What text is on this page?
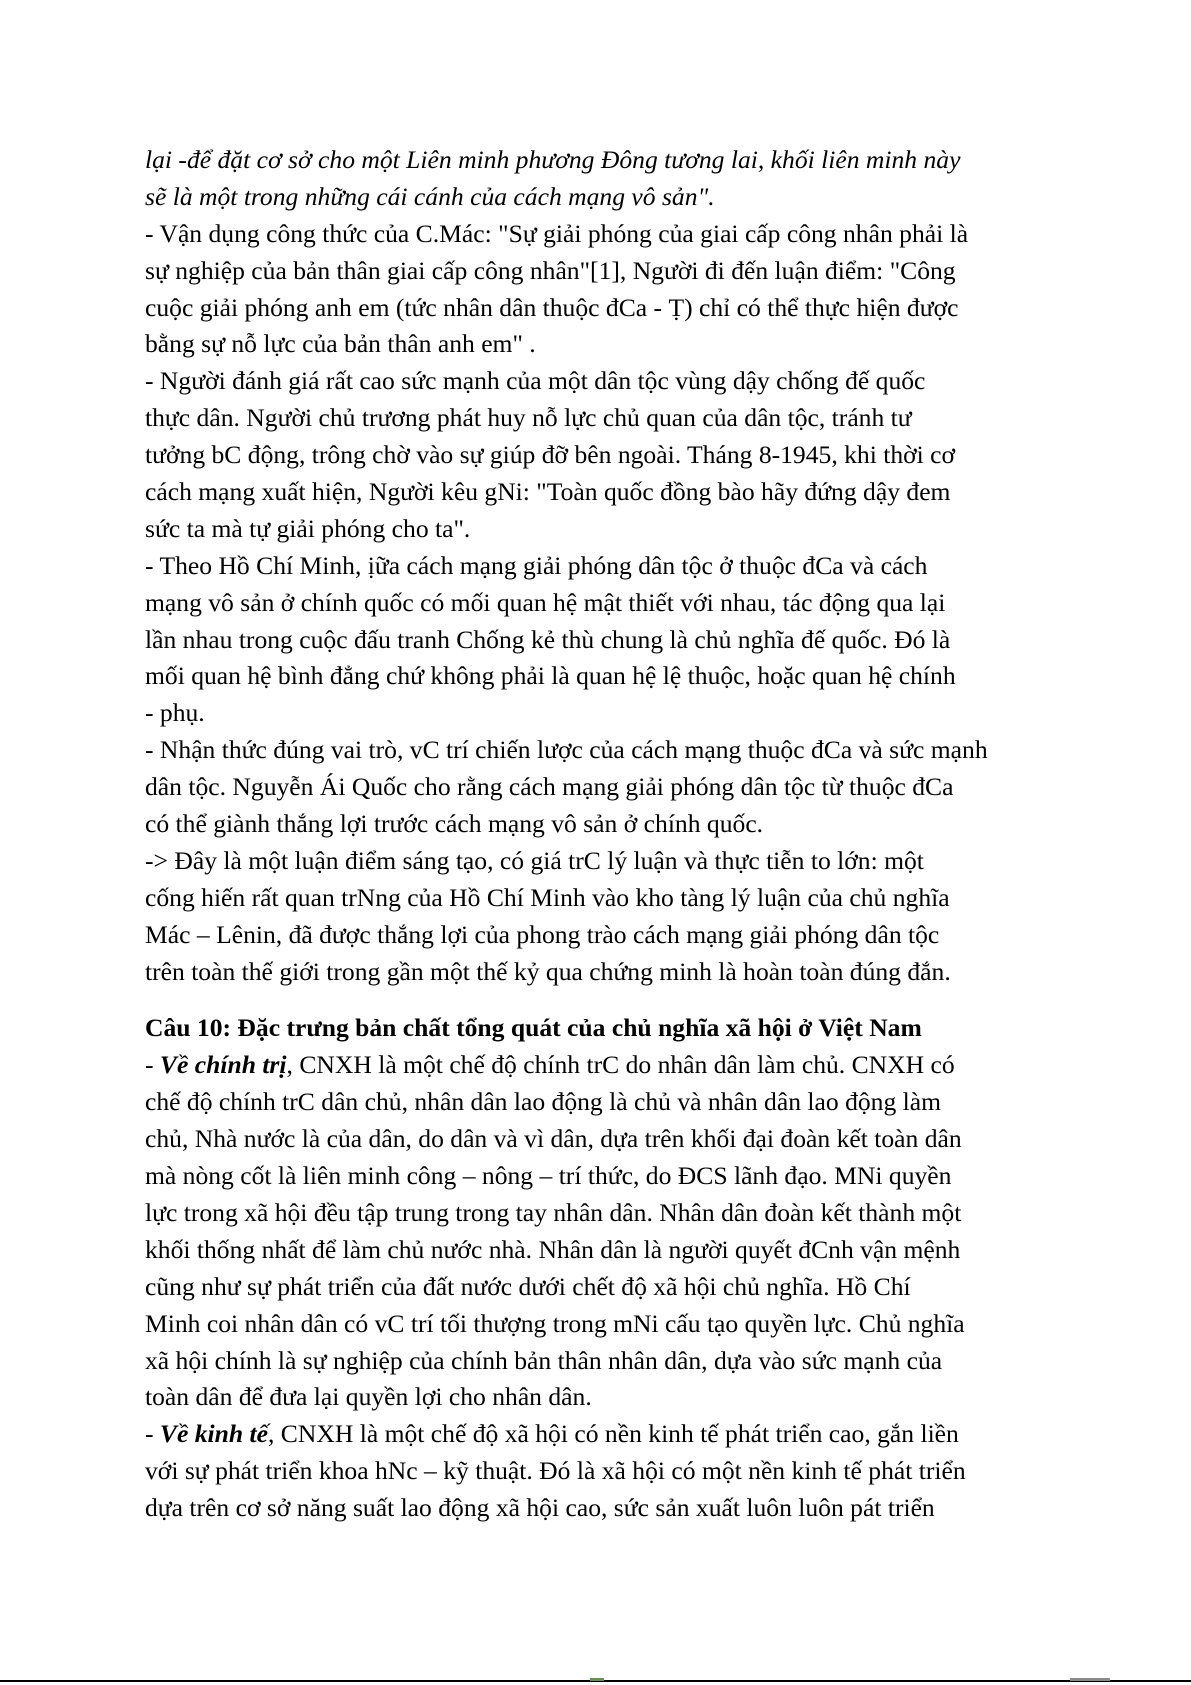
lại -để đặt cơ sở cho một Liên minh phương Đông tương lai, khối liên minh này
sẽ là một trong những cái cánh của cách mạng vô sản".
- Vận dụng công thức của C.Mác: "Sự giải phóng của giai cấp công nhân phải là
sự nghiệp của bản thân giai cấp công nhân"[1], Người đi đến luận điểm: "Công
cuộc giải phóng anh em (tức nhân dân thuộc đCa - Ṭ) chỉ có thể thực hiện được
bằng sự nỗ lực của bản thân anh em" .
- Người đánh giá rất cao sức mạnh của một dân tộc vùng dậy chống đế quốc
thực dân. Người chủ trương phát huy nỗ lực chủ quan của dân tộc, tránh tư
tưởng bC động, trông chờ vào sự giúp đỡ bên ngoài. Tháng 8-1945, khi thời cơ
cách mạng xuất hiện, Người kêu gNi: "Toàn quốc đồng bào hãy đứng dậy đem
sức ta mà tự giải phóng cho ta".
- Theo Hồ Chí Minh, ịữa cách mạng giải phóng dân tộc ở thuộc đCa và cách
mạng vô sản ở chính quốc có mối quan hệ mật thiết với nhau, tác động qua lại
lần nhau trong cuộc đấu tranh Chống kẻ thù chung là chủ nghĩa đế quốc. Đó là
mối quan hệ bình đẳng chứ không phải là quan hệ lệ thuộc, hoặc quan hệ chính
- phụ.
- Nhận thức đúng vai trò, vC trí chiến lược của cách mạng thuộc đCa và sức mạnh
dân tộc. Nguyễn Ái Quốc cho rằng cách mạng giải phóng dân tộc từ thuộc đCa
có thể giành thắng lợi trước cách mạng vô sản ở chính quốc.
-> Đây là một luận điểm sáng tạo, có giá trC lý luận và thực tiễn to lớn: một
cống hiến rất quan trNng của Hồ Chí Minh vào kho tàng lý luận của chủ nghĩa
Mác – Lênin, đã được thắng lợi của phong trào cách mạng giải phóng dân tộc
trên toàn thế giới trong gần một thế kỷ qua chứng minh là hoàn toàn đúng đắn.
Câu 10: Đặc trưng bản chất tổng quát của chủ nghĩa xã hội ở Việt Nam
- Về chính trị, CNXH là một chế độ chính trC do nhân dân làm chủ. CNXH có
chế độ chính trC dân chủ, nhân dân lao động là chủ và nhân dân lao động làm
chủ, Nhà nước là của dân, do dân và vì dân, dựa trên khối đại đoàn kết toàn dân
mà nòng cốt là liên minh công – nông – trí thức, do ĐCS lãnh đạo. MNi quyền
lực trong xã hội đều tập trung trong tay nhân dân. Nhân dân đoàn kết thành một
khối thống nhất để làm chủ nước nhà. Nhân dân là người quyết đCnh vận mệnh
cũng như sự phát triển của đất nước dưới chết độ xã hội chủ nghĩa. Hồ Chí
Minh coi nhân dân có vC trí tối thượng trong mNi cấu tạo quyền lực. Chủ nghĩa
xã hội chính là sự nghiệp của chính bản thân nhân dân, dựa vào sức mạnh của
toàn dân để đưa lại quyền lợi cho nhân dân.
- Về kinh tế, CNXH là một chế độ xã hội có nền kinh tế phát triển cao, gắn liền
với sự phát triển khoa hNc – kỹ thuật. Đó là xã hội có một nền kinh tế phát triển
dựa trên cơ sở năng suất lao động xã hội cao, sức sản xuất luôn luôn pát triển
